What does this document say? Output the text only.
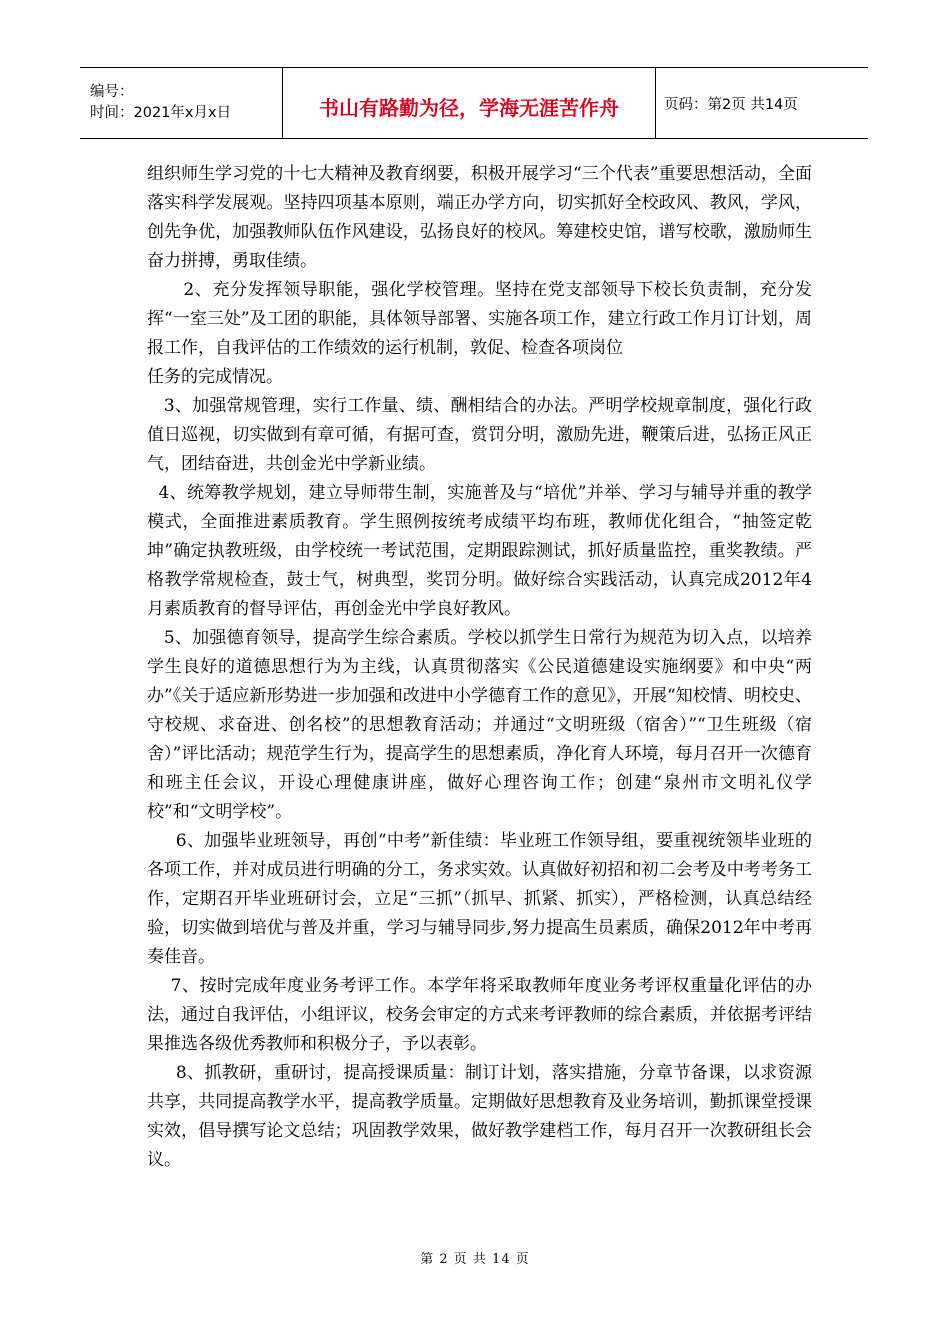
编号：
时间：2021年x月x日	书山有路勤为径，学海无涯苦作舟	页码：第2页 共14页

组织师生学习党的十七大精神及教育纲要，积极开展学习“三个代表”重要思想活动，全面落实科学发展观。坚持四项基本原则，端正办学方向，切实抓好全校政风、教风，学风，创先争优，加强教师队伍作风建设，弘扬良好的校风。筹建校史馆，谱写校歌，激励师生奋力拼搏，勇取佳绩。

2、充分发挥领导职能，强化学校管理。坚持在党支部领导下校长负责制，充分发挥“一室三处”及工团的职能，具体领导部署、实施各项工作，建立行政工作月订计划，周报工作，自我评估的工作绩效的运行机制，敦促、检查各项岗位

任务的完成情况。

3、加强常规管理，实行工作量、绩、酬相结合的办法。严明学校规章制度，强化行政值日巡视，切实做到有章可循，有据可查，赏罚分明，激励先进，鞭策后进，弘扬正风正气，团结奋进，共创金光中学新业绩。

4、统筹教学规划，建立导师带生制，实施普及与“培优”并举、学习与辅导并重的教学模式，全面推进素质教育。学生照例按统考成绩平均布班，教师优化组合，“抽签定乾坤”确定执教班级，由学校统一考试范围，定期跟踪测试，抓好质量监控，重奖教绩。严格教学常规检查，鼓士气，树典型，奖罚分明。做好综合实践活动，认真完成2012年4月素质教育的督导评估，再创金光中学良好教风。

5、加强德育领导，提高学生综合素质。学校以抓学生日常行为规范为切入点，以培养学生良好的道德思想行为为主线，认真贯彻落实《公民道德建设实施纲要》和中央“两办”《关于适应新形势进一步加强和改进中小学德育工作的意见》，开展“知校情、明校史、守校规、求奋进、创名校”的思想教育活动；并通过“文明班级（宿舍）”“卫生班级（宿舍）”评比活动；规范学生行为，提高学生的思想素质，净化育人环境，每月召开一次德育和班主任会议，开设心理健康讲座，做好心理咨询工作；创建“泉州市文明礼仪学校”和“文明学校”。

6、加强毕业班领导，再创“中考”新佳绩：毕业班工作领导组，要重视统领毕业班的各项工作，并对成员进行明确的分工，务求实效。认真做好初招和初二会考及中考考务工作，定期召开毕业班研讨会，立足“三抓”（抓早、抓紧、抓实），严格检测，认真总结经验，切实做到培优与普及并重，学习与辅导同步,努力提高生员素质，确保2012年中考再奏佳音。

7、按时完成年度业务考评工作。本学年将采取教师年度业务考评权重量化评估的办法，通过自我评估，小组评议，校务会审定的方式来考评教师的综合素质，并依据考评结果推选各级优秀教师和积极分子，予以表彰。

8、抓教研，重研讨，提高授课质量：制订计划，落实措施，分章节备课，以求资源共享，共同提高教学水平，提高教学质量。定期做好思想教育及业务培训，勤抓课堂授课实效，倡导撰写论文总结；巩固教学效果，做好教学建档工作，每月召开一次教研组长会议。

第 2 页 共 14 页
